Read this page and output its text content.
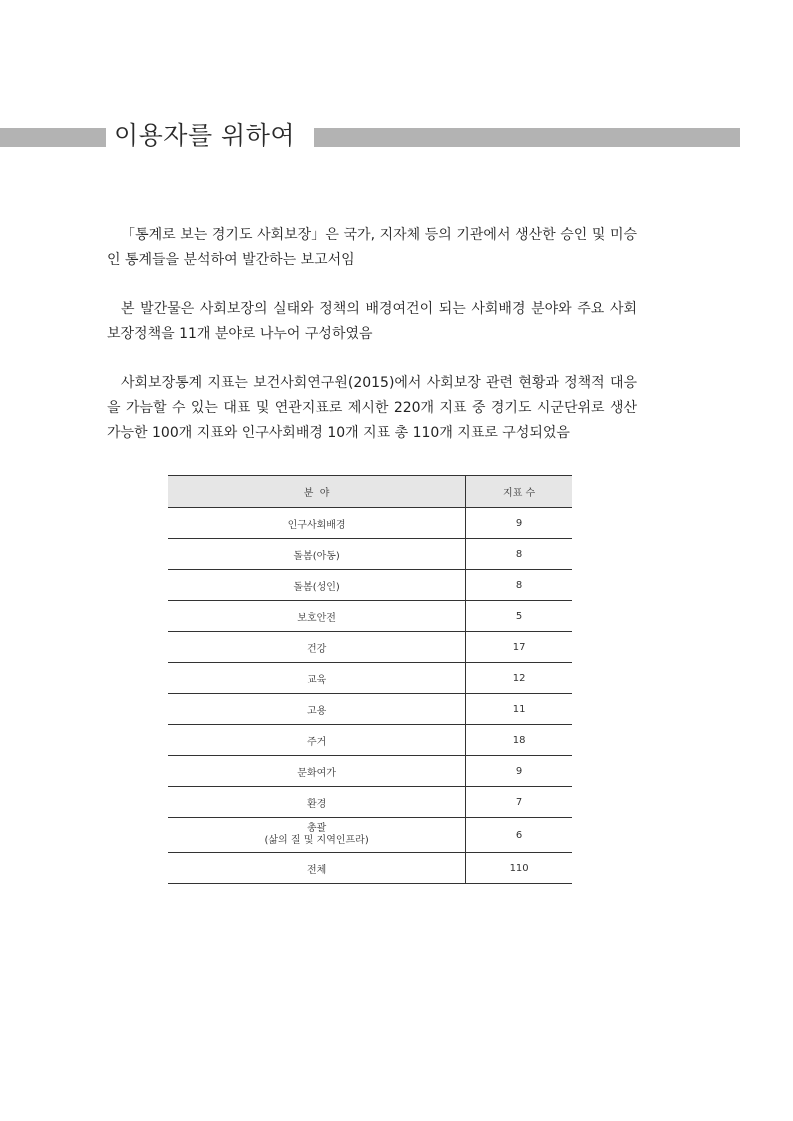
이용자를 위하여

「통계로 보는 경기도 사회보장」은 국가, 지자체 등의 기관에서 생산한 승인 및 미승인 통계들을 분석하여 발간하는 보고서임

본 발간물은 사회보장의 실태와 정책의 배경여건이 되는 사회배경 분야와 주요 사회보장정책을 11개 분야로 나누어 구성하였음

사회보장통계 지표는 보건사회연구원(2015)에서 사회보장 관련 현황과 정책적 대응을 가늠할 수 있는 대표 및 연관지표로 제시한 220개 지표 중 경기도 시군단위로 생산 가능한 100개 지표와 인구사회배경 10개 지표 총 110개 지표로 구성되었음

분  야	지표 수
인구사회배경	9
돌봄(아동)	8
돌봄(성인)	8
보호안전	5
건강	17
교육	12
고용	11
주거	18
문화여가	9
환경	7

총괄
(삶의 질 및 지역인프라)	6
전체	110
